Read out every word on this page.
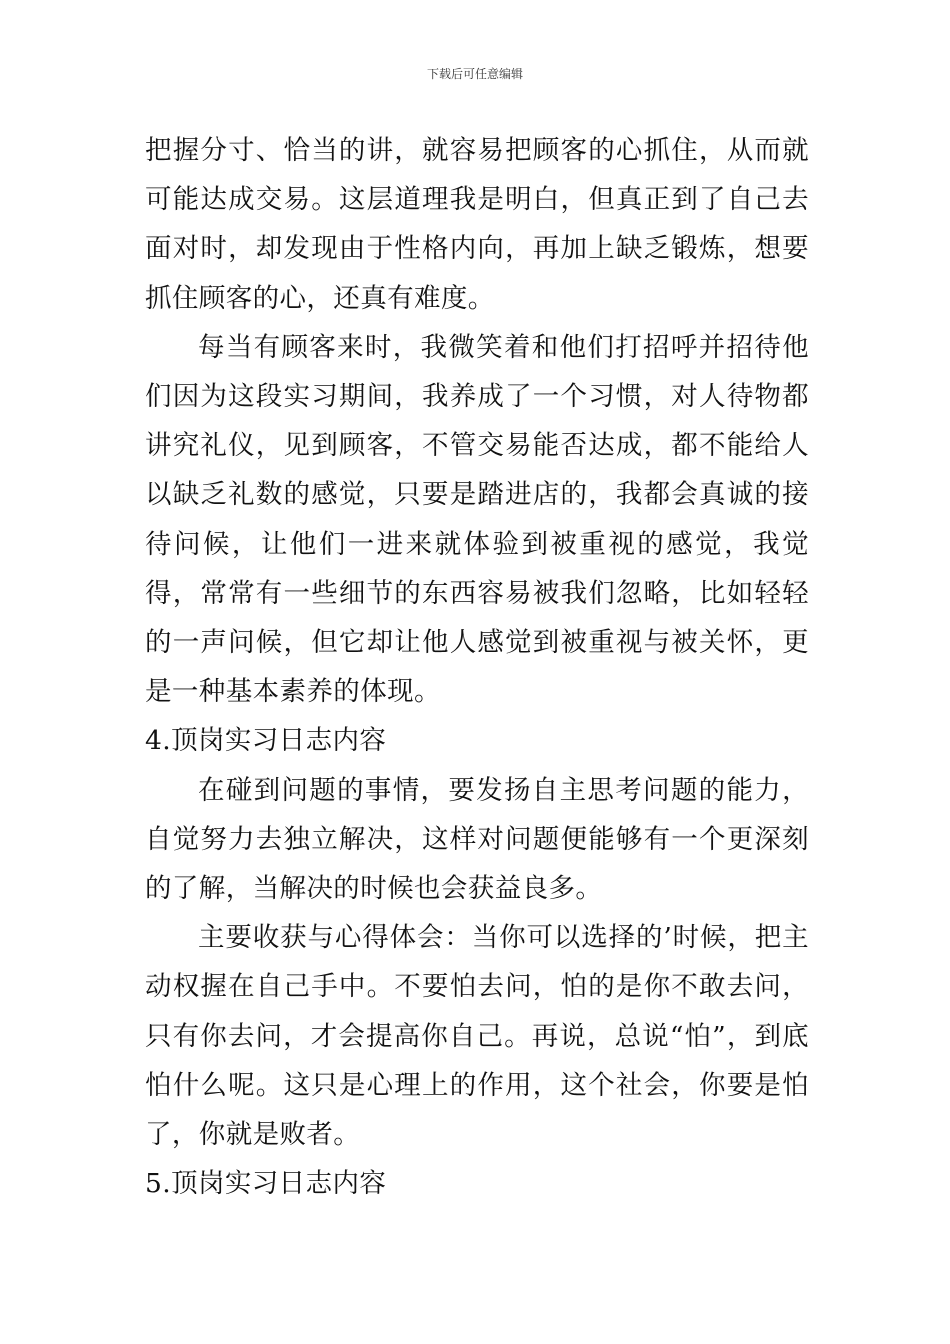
下载后可任意编辑

把握分寸、恰当的讲，就容易把顾客的心抓住，从而就可能达成交易。这层道理我是明白，但真正到了自己去面对时，却发现由于性格内向，再加上缺乏锻炼，想要抓住顾客的心，还真有难度。

每当有顾客来时，我微笑着和他们打招呼并招待他们因为这段实习期间，我养成了一个习惯，对人待物都讲究礼仪，见到顾客，不管交易能否达成，都不能给人以缺乏礼数的感觉，只要是踏进店的，我都会真诚的接待问候，让他们一进来就体验到被重视的感觉，我觉得，常常有一些细节的东西容易被我们忽略，比如轻轻的一声问候，但它却让他人感觉到被重视与被关怀，更是一种基本素养的体现。

4.顶岗实习日志内容

在碰到问题的事情，要发扬自主思考问题的能力，自觉努力去独立解决，这样对问题便能够有一个更深刻的了解，当解决的时候也会获益良多。

主要收获与心得体会：当你可以选择的’时候，把主动权握在自己手中。不要怕去问，怕的是你不敢去问，只有你去问，才会提高你自己。再说，总说“怕”，到底怕什么呢。这只是心理上的作用，这个社会，你要是怕了，你就是败者。

5.顶岗实习日志内容
